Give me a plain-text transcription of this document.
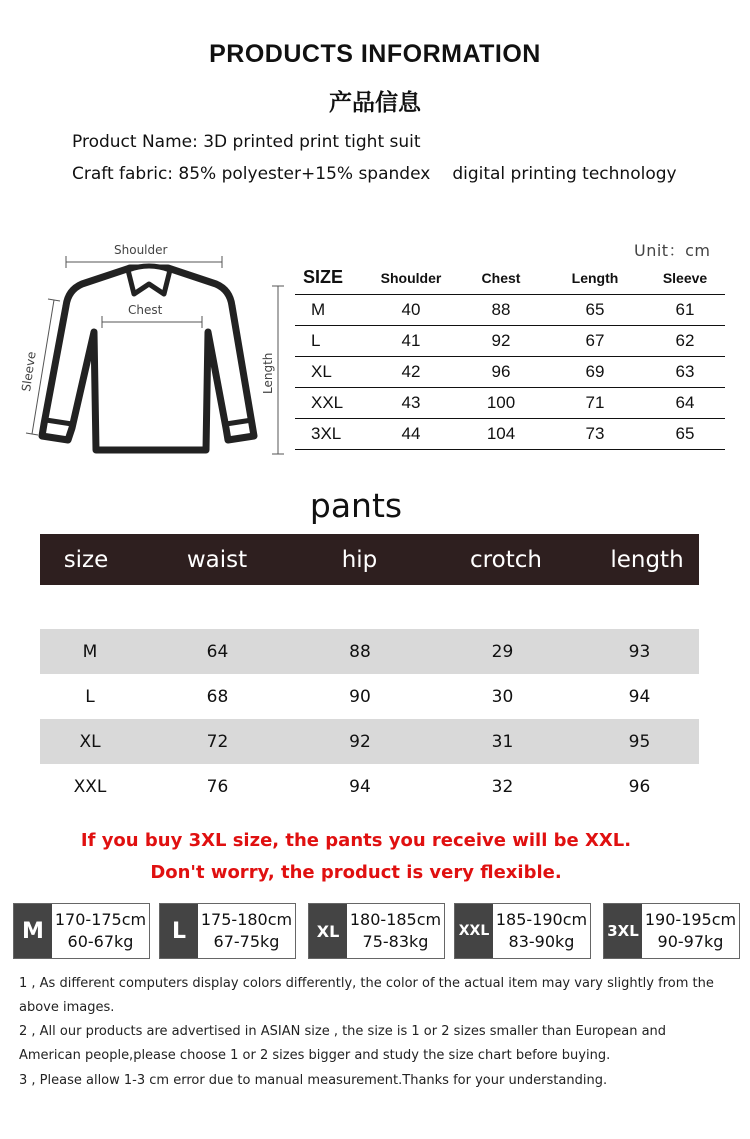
PRODUCTS INFORMATION
产品信息
Product Name: 3D printed print tight suit
Craft fabric: 85% polyester+15% spandex digital printing technology
Shoulder
Chest
Sleeve	Length
Unit：cm
SIZE	Shoulder	Chest	Length	Sleeve
M	40	88	65	61
L	41	92	67	62
XL	42	96	69	63
XXL	43	100	71	64
3XL	44	104	73	65
pants
size	waist	hip	crotch	length
M	64	88	29	93
L	68	90	30	94
XL	72	92	31	95
XXL	76	94	32	96
If you buy 3XL size, the pants you receive will be XXL.
Don't worry, the product is very flexible.
M 170-175cm
60-67kg	L 175-180cm
67-75kg
XL
180-185cm
75-83kg
XXL
185-190cm
83-90kg
3XL
190-195cm
90-97kg
1 , As different computers display colors differently, the color of the actual item may vary slightly from the above images.
2 , All our products are advertised in ASIAN size , the size is 1 or 2 sizes smaller than European and American people,please choose 1 or 2 sizes bigger and study the size chart before buying.
3 , Please allow 1-3 cm error due to manual measurement.Thanks for your understanding.
